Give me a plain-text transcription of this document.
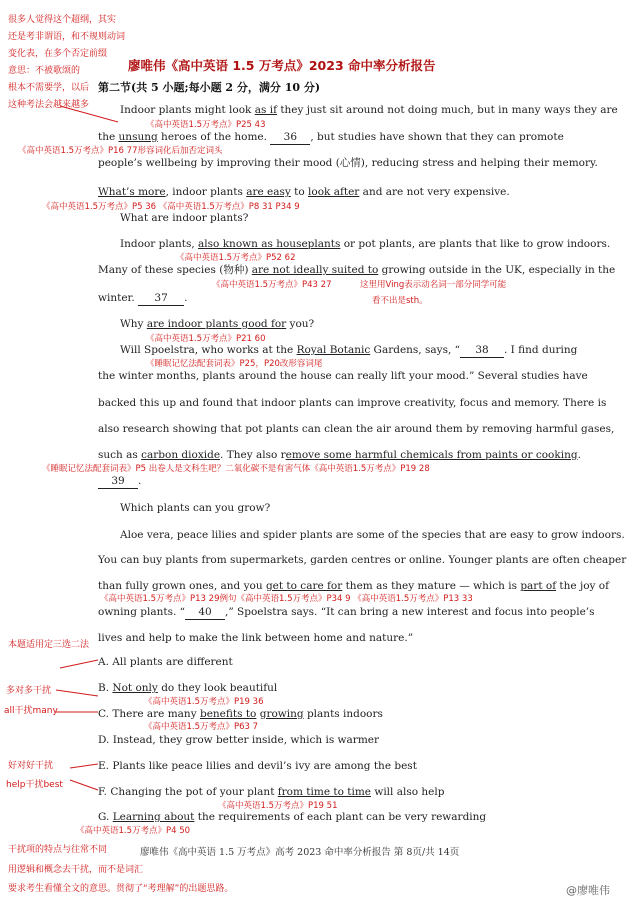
很多人觉得这个超纲，其实
还是考非谓语，和不规则动词
变化表，在多个否定前缀
意思：不被歌颂的
根本不需要学，以后
这种考法会越来越多
廖唯伟《高中英语 1.5 万考点》2023 命中率分析报告
第二节(共 5 小题;每小题 2 分，满分 10 分)
Indoor plants might look as if they just sit around not doing much, but in many ways they are
《高中英语1.5万考点》P25 43
the unsung heroes of the home. 36 , but studies have shown that they can promote
《高中英语1.5万考点》P16 77形容词化后加否定词头
people’s wellbeing by improving their mood (心情), reducing stress and helping their memory.
What’s more, indoor plants are easy to look after and are not very expensive.
《高中英语1.5万考点》P5 36 《高中英语1.5万考点》P8 31 P34 9
What are indoor plants?
Indoor plants, also known as houseplants or pot plants, are plants that like to grow indoors.
《高中英语1.5万考点》P52 62
Many of these species (物种) are not ideally suited to growing outside in the UK, especially in the
《高中英语1.5万考点》P43 27	这里用Ving表示动名词一部分同学可能
看不出是sth。
winter. 37 .
Why are indoor plants good for you?
《高中英语1.5万考点》P21 60
Will Spoelstra, who works at the Royal Botanic Gardens, says, “ 38 . I find during
《睡眠记忆法配套词表》P25，P20改形容词尾
the winter months, plants around the house can really lift your mood.” Several studies have
backed this up and found that indoor plants can improve creativity, focus and memory. There is
also research showing that pot plants can clean the air around them by removing harmful gases,
such as carbon dioxide. They also remove some harmful chemicals from paints or cooking.
《睡眠记忆法配套词表》P5 出卷人是文科生吧？二氧化碳不是有害气体《高中英语1.5万考点》P19 28
39 .
Which plants can you grow?
Aloe vera, peace lilies and spider plants are some of the species that are easy to grow indoors.
You can buy plants from supermarkets, garden centres or online. Younger plants are often cheaper
than fully grown ones, and you get to care for them as they mature — which is part of the joy of
《高中英语1.5万考点》P13 29例句《高中英语1.5万考点》P34 9 《高中英语1.5万考点》P13 33
owning plants. “ 40 ,” Spoelstra says. “It can bring a new interest and focus into people’s
lives and help to make the link between home and nature.”
本题适用定三选二法
多对多干扰
all干扰many
好对好干扰
help干扰best
A. All plants are different
B. Not only do they look beautiful
《高中英语1.5万考点》P19 36
C. There are many benefits to growing plants indoors
《高中英语1.5万考点》P63 7
D. Instead, they grow better inside, which is warmer
E. Plants like peace lilies and devil’s ivy are among the best
F. Changing the pot of your plant from time to time will also help
《高中英语1.5万考点》P19 51
G. Learning about the requirements of each plant can be very rewarding
《高中英语1.5万考点》P4 50
干扰项的特点与往常不同	廖唯伟《高中英语 1.5 万考点》高考 2023 命中率分析报告 第 8页/共 14页
用逻辑和概念去干扰，而不是词汇
要求考生看懂全文的意思。贯彻了“考理解”的出题思路。	@廖唯伟
